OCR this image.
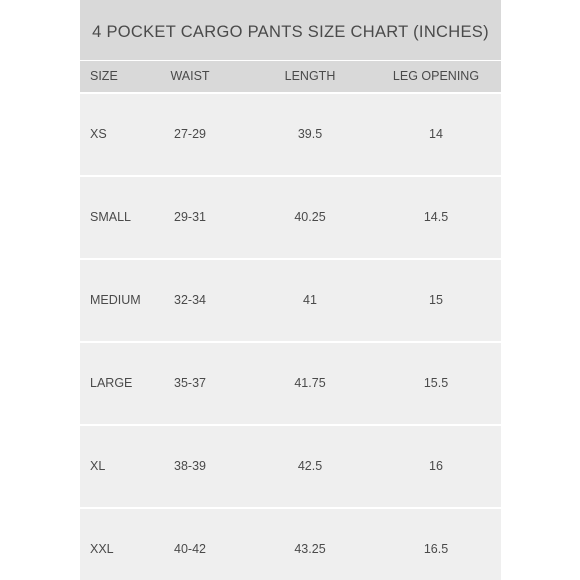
4 POCKET CARGO PANTS SIZE CHART (INCHES)
SIZE	WAIST	LENGTH	LEG OPENING
XS	27-29	39.5	14
SMALL	29-31	40.25	14.5
MEDIUM	32-34	41	15
LARGE	35-37	41.75	15.5
XL	38-39	42.5	16
XXL	40-42	43.25	16.5
